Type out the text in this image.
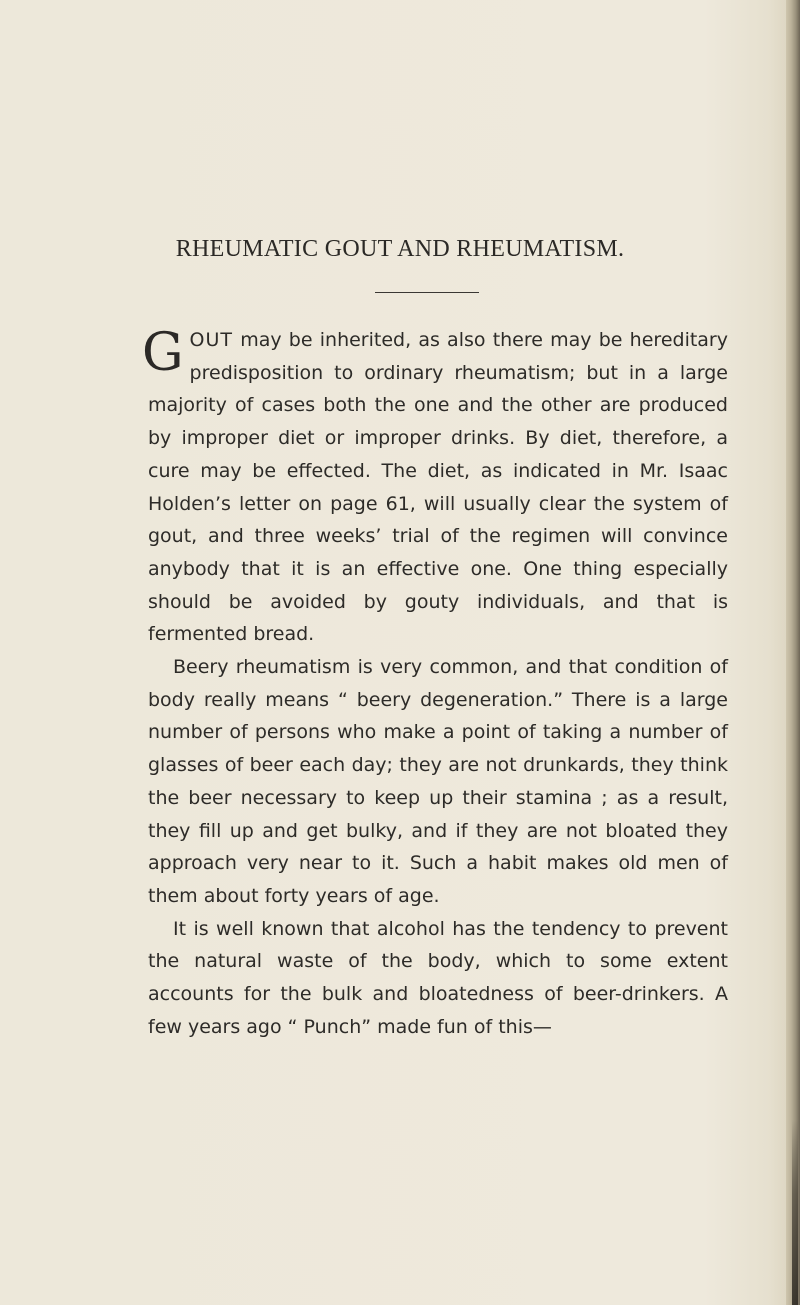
RHEUMATIC GOUT AND RHEUMATISM.

GOUT may be inherited, as also there may be hereditary predisposition to ordinary rheumatism; but in a large majority of cases both the one and the other are produced by improper diet or improper drinks. By diet, therefore, a cure may be effected. The diet, as indicated in Mr. Isaac Holden’s letter on page 61, will usually clear the system of gout, and three weeks’ trial of the regimen will convince anybody that it is an effective one. One thing especially should be avoided by gouty individuals, and that is fermented bread.

Beery rheumatism is very common, and that condition of body really means “ beery degeneration.” There is a large number of persons who make a point of taking a number of glasses of beer each day; they are not drunkards, they think the beer necessary to keep up their stamina ; as a result, they fill up and get bulky, and if they are not bloated they approach very near to it. Such a habit makes old men of them about forty years of age.

It is well known that alcohol has the tendency to prevent the natural waste of the body, which to some extent accounts for the bulk and bloatedness of beer-drinkers. A few years ago “ Punch” made fun of this—
